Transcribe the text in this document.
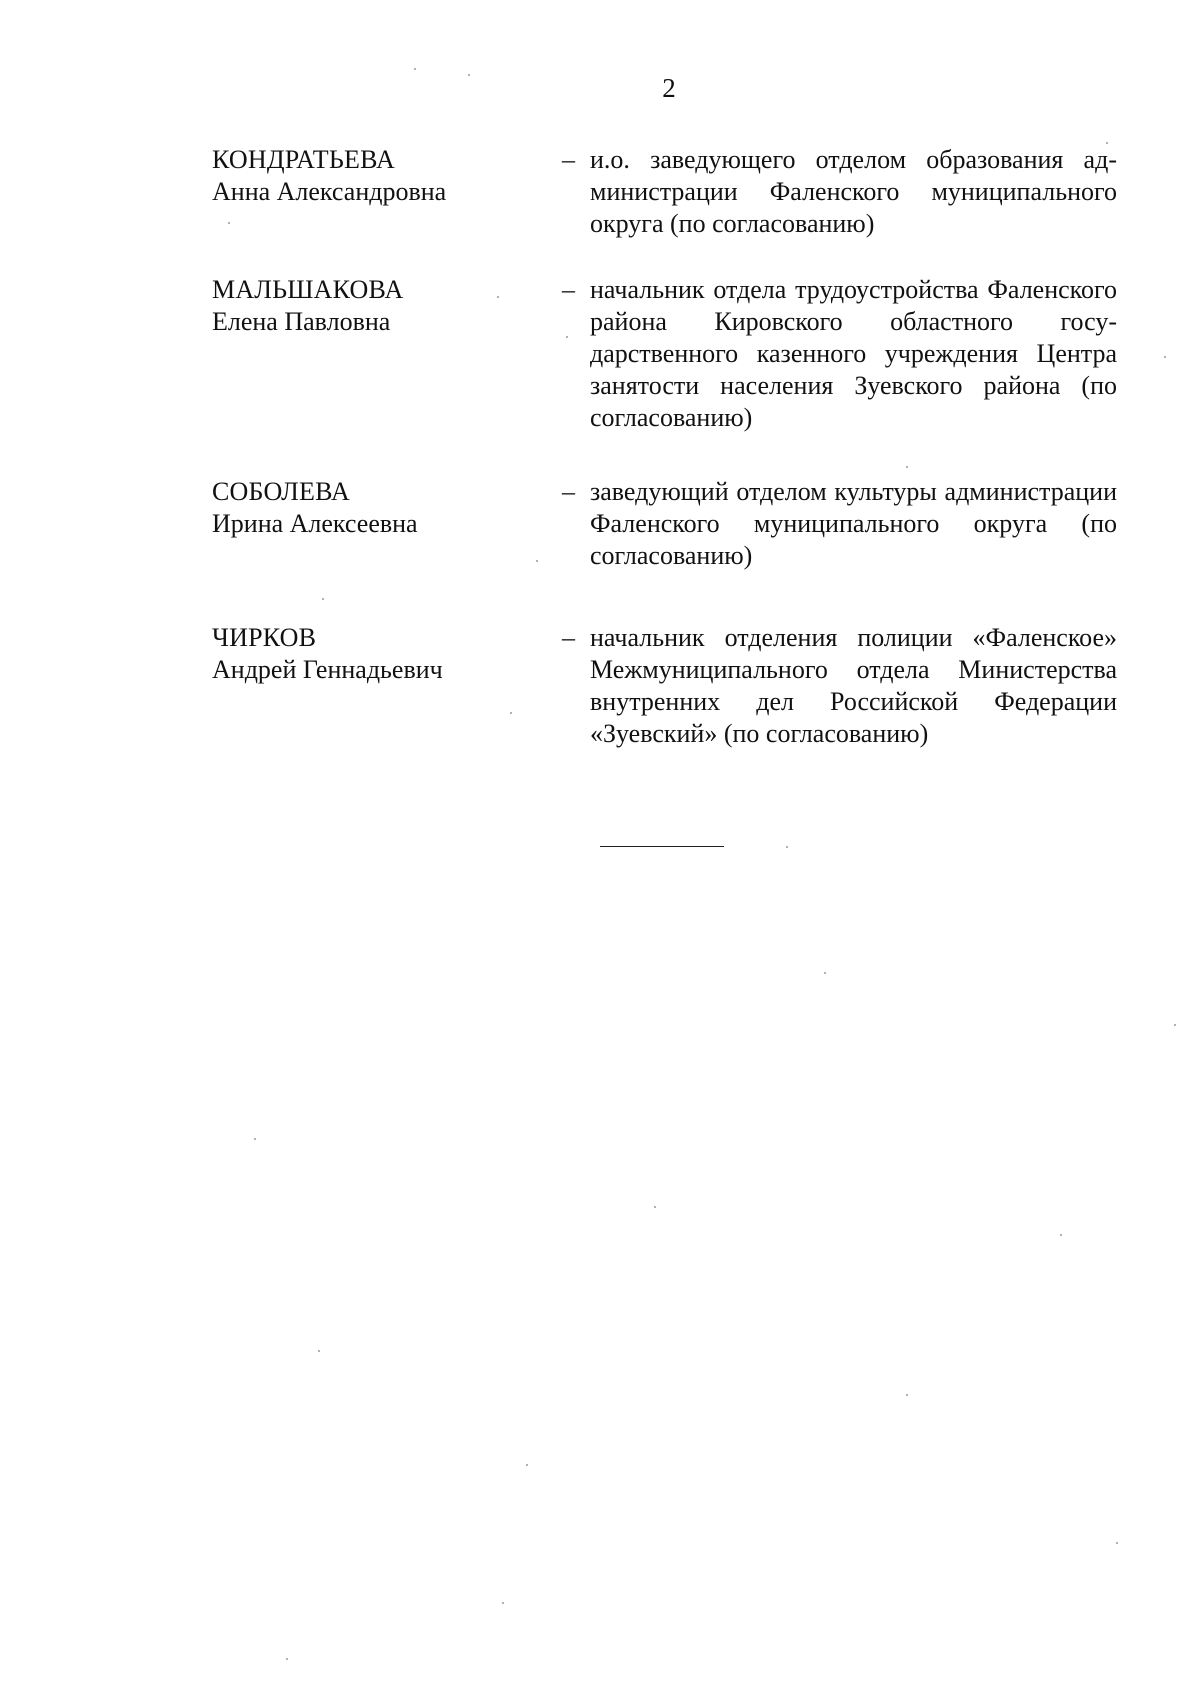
2
КОНДРАТЬЕВА
Анна Александровна
– и.о. заведующего отделом образования администрации Фаленского муниципального округа (по согласованию)
МАЛЬШАКОВА
Елена Павловна
– начальник отдела трудоустройства Фаленского района Кировского областного государственного казенного учреждения Центра занятости населения Зуевского района (по согласованию)
СОБОЛЕВА
Ирина Алексеевна
– заведующий отделом культуры администрации Фаленского муниципального округа (по согласованию)
ЧИРКОВ
Андрей Геннадьевич
– начальник отделения полиции «Фаленское» Межмуниципального отдела Министерства внутренних дел Российской Федерации «Зуевский» (по согласованию)
